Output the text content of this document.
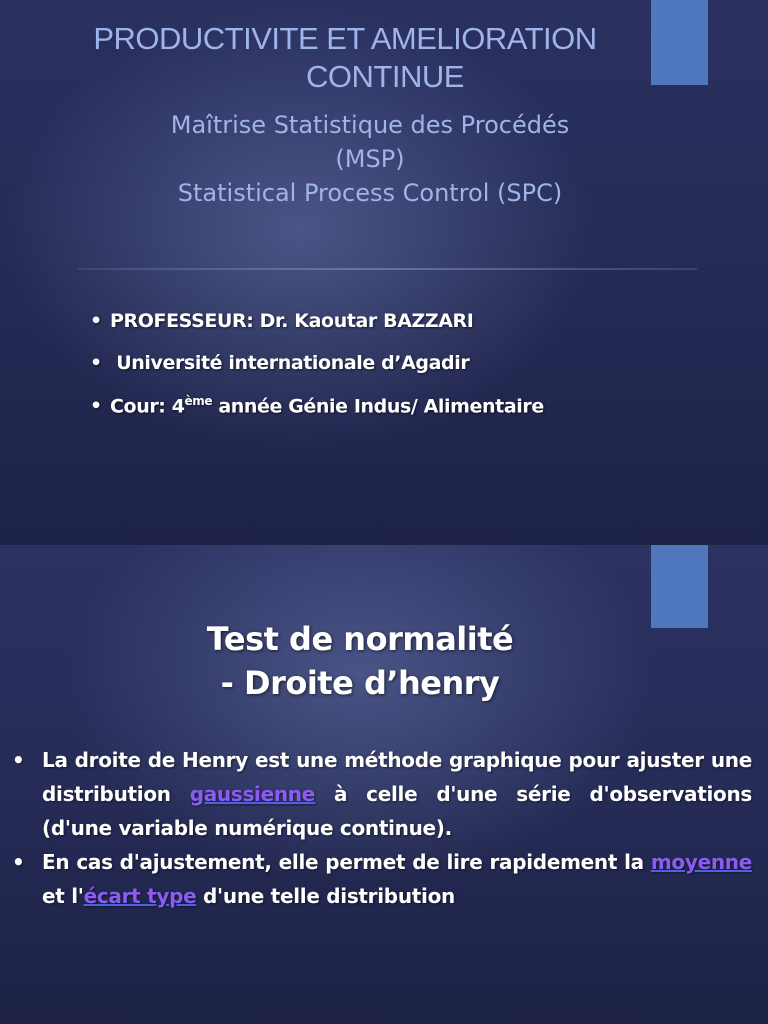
PRODUCTIVITE ET AMELIORATION
CONTINUE
Maîtrise Statistique des Procédés
(MSP)
Statistical Process Control (SPC)
• PROFESSEUR: Dr. Kaoutar BAZZARI
• Université internationale d’Agadir
• Cour: 4ème année Génie Indus/ Alimentaire
Test de normalité
- Droite d’henry
• La droite de Henry est une méthode graphique pour ajuster une distribution gaussienne à celle d'une série d'observations (d'une variable numérique continue).
• En cas d'ajustement, elle permet de lire rapidement la moyenne et l'écart type d'une telle distribution
